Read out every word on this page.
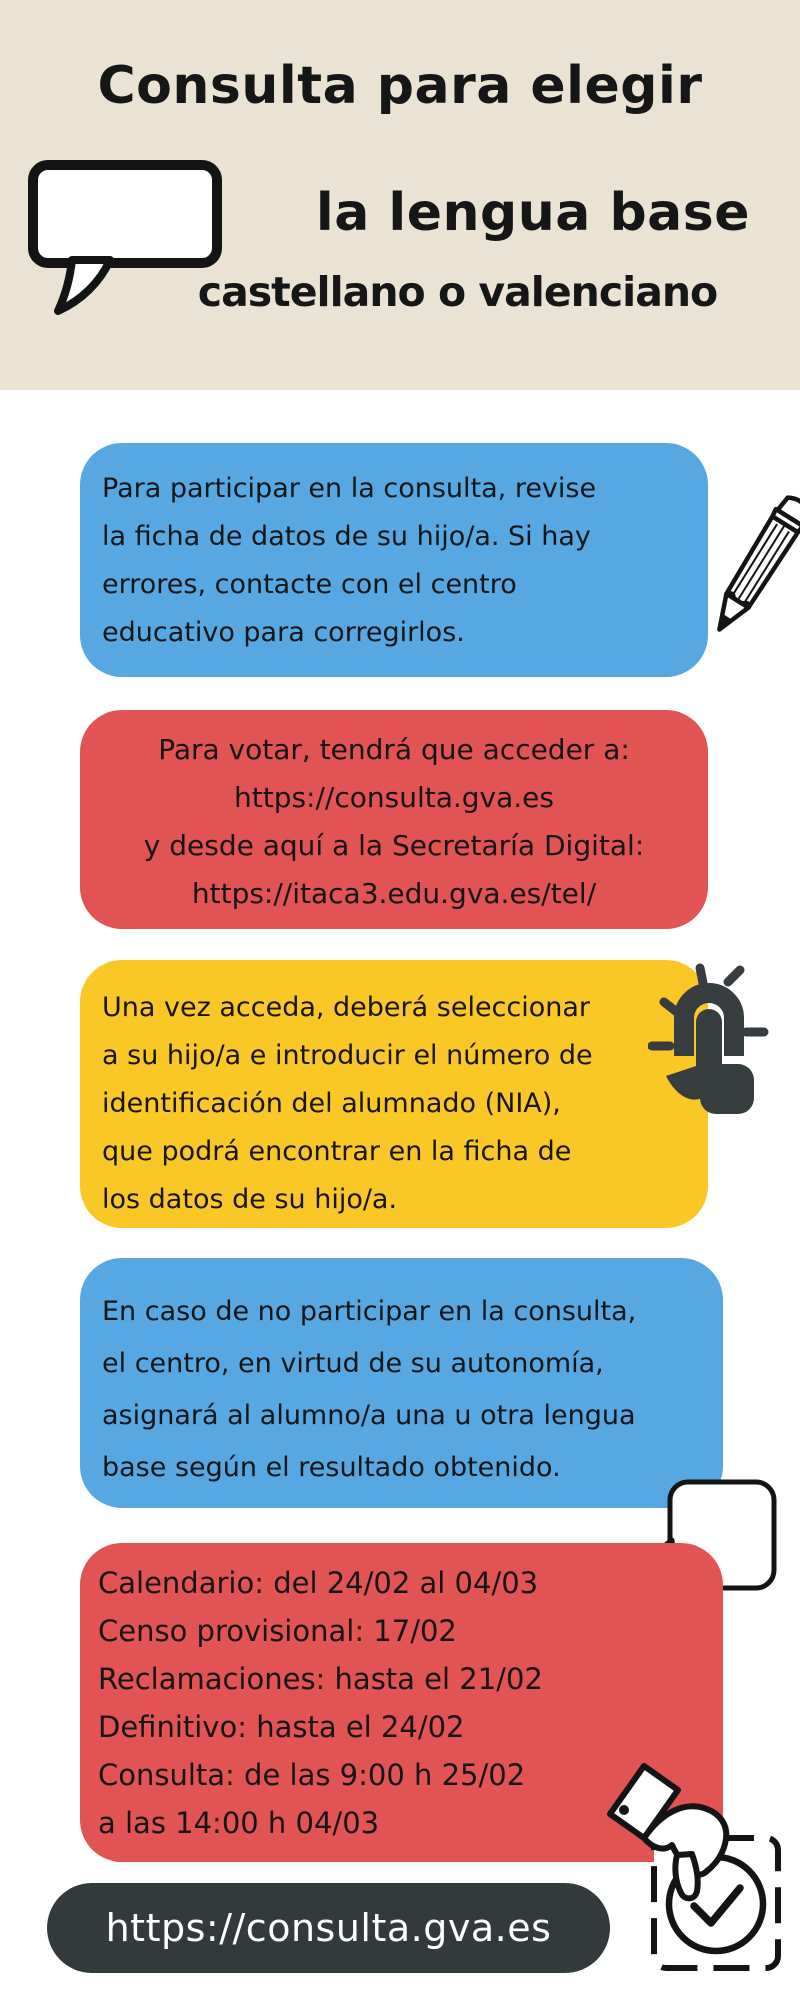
Consulta para elegir
la lengua base
castellano o valenciano
Para participar en la consulta, revise
la ficha de datos de su hijo/a. Si hay
errores, contacte con el centro
educativo para corregirlos.
Para votar, tendrá que acceder a:
https://consulta.gva.es
y desde aquí a la Secretaría Digital:
https://itaca3.edu.gva.es/tel/
Una vez acceda, deberá seleccionar
a su hijo/a e introducir el número de
identificación del alumnado (NIA),
que podrá encontrar en la ficha de
los datos de su hijo/a.
En caso de no participar en la consulta,
el centro, en virtud de su autonomía,
asignará al alumno/a una u otra lengua
base según el resultado obtenido.
Calendario: del 24/02 al 04/03
Censo provisional: 17/02
Reclamaciones: hasta el 21/02
Definitivo: hasta el 24/02
Consulta: de las 9:00 h 25/02
a las 14:00 h 04/03
https://consulta.gva.es
